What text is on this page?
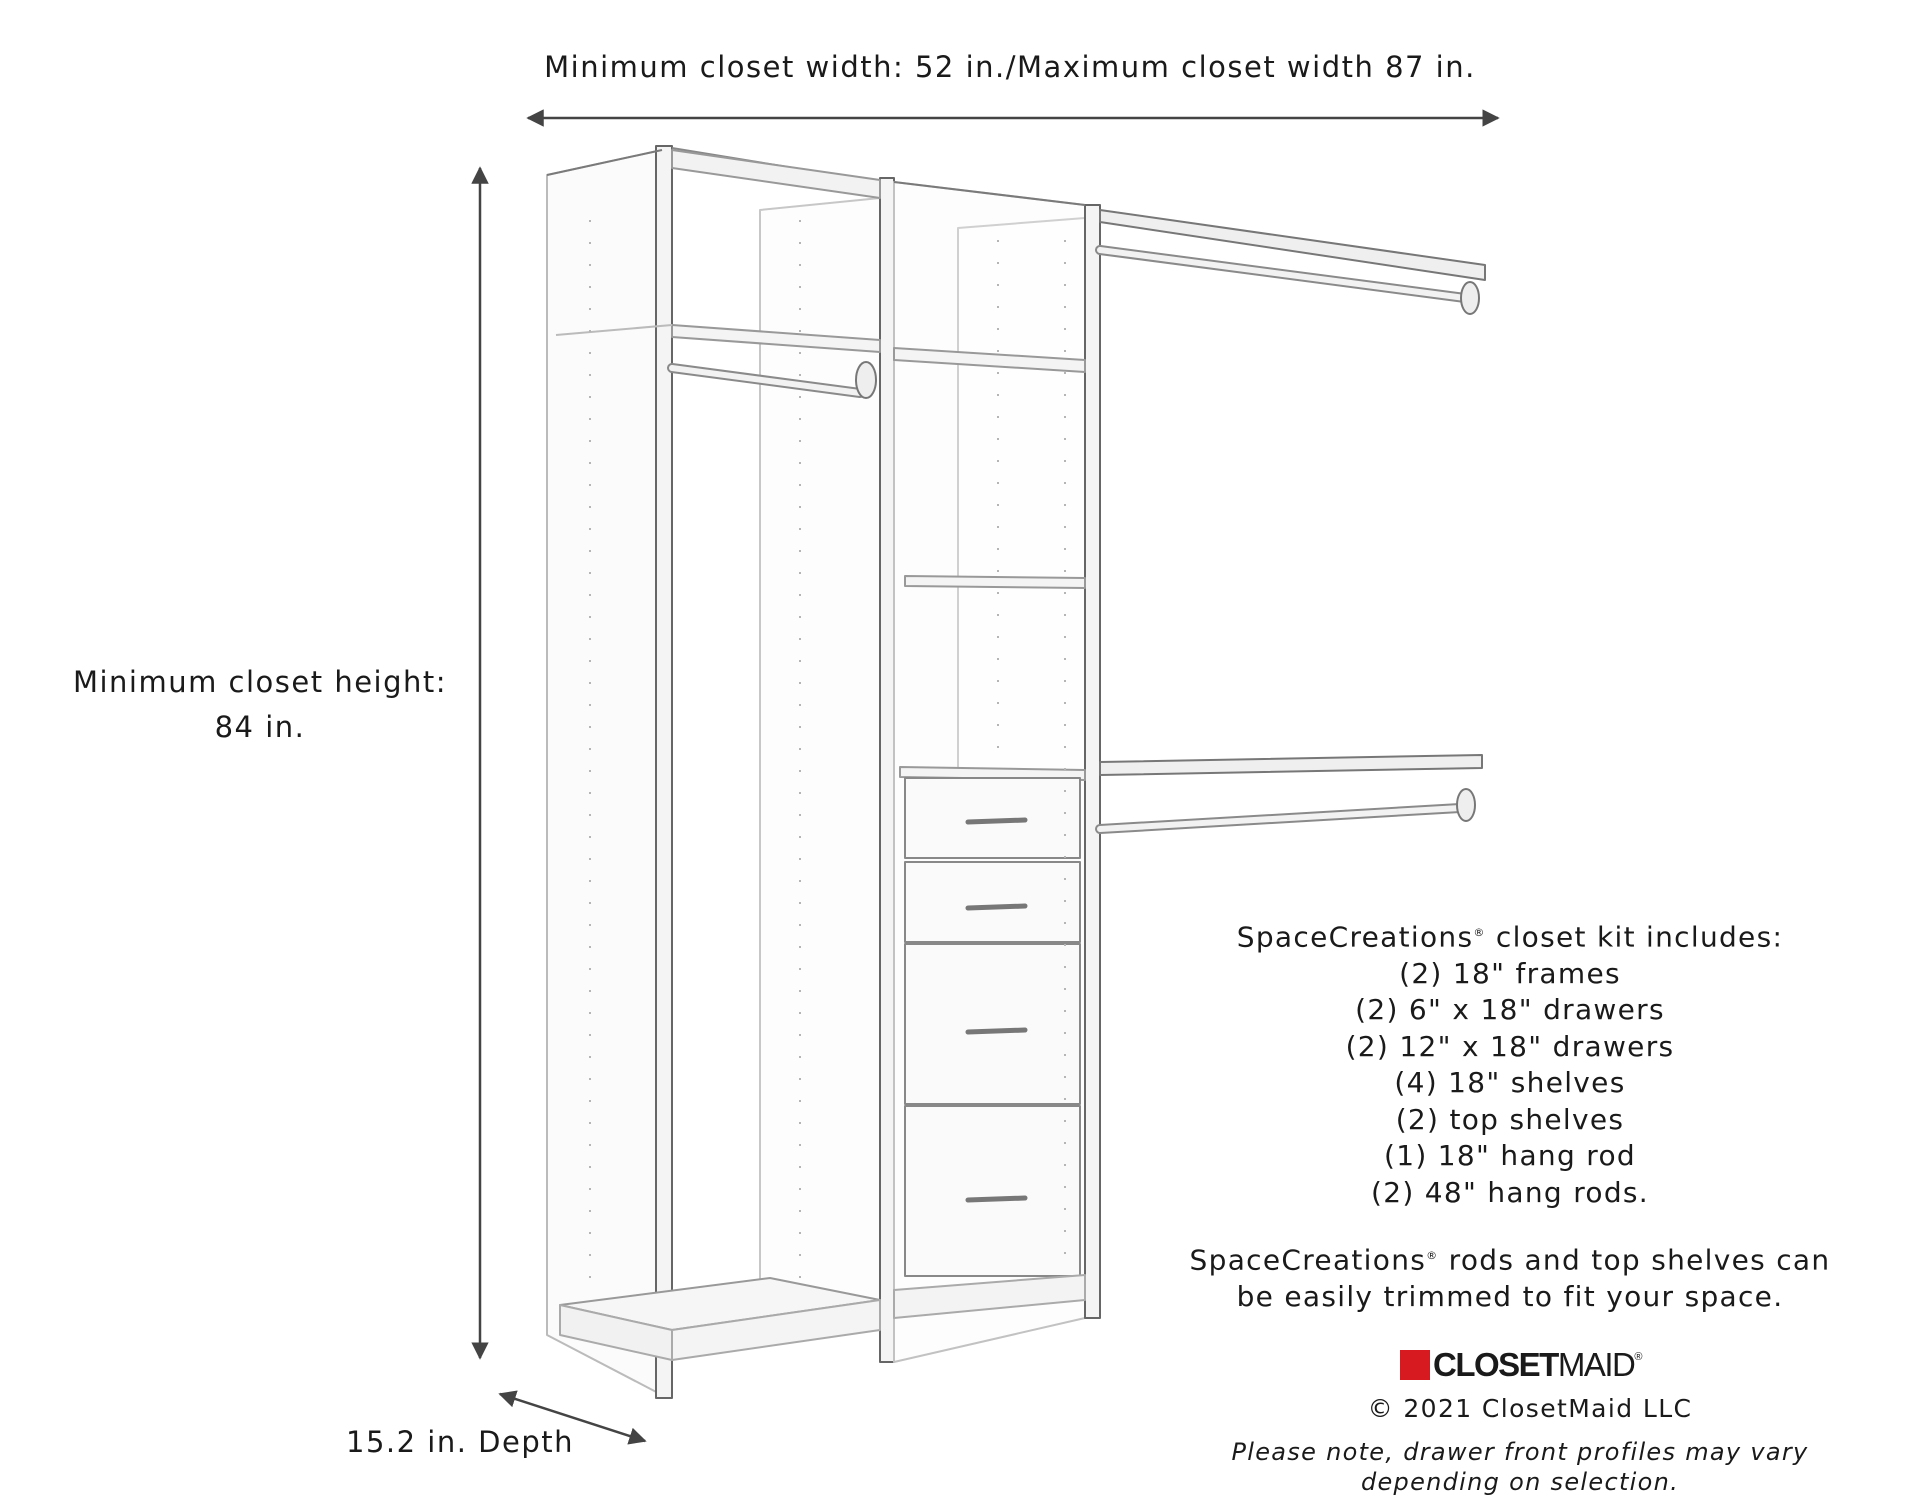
Minimum closet width: 52 in./Maximum closet width 87 in.
Minimum closet height:
84 in.
15.2 in. Depth
SpaceCreations® closet kit includes:
(2) 18" frames
(2) 6" x 18" drawers
(2) 12" x 18" drawers
(4) 18" shelves
(2) top shelves
(1) 18" hang rod
(2) 48" hang rods.
SpaceCreations® rods and top shelves can
be easily trimmed to fit your space.
CLOSET MAID ®
© 2021 ClosetMaid LLC
Please note, drawer front profiles may vary
depending on selection.
